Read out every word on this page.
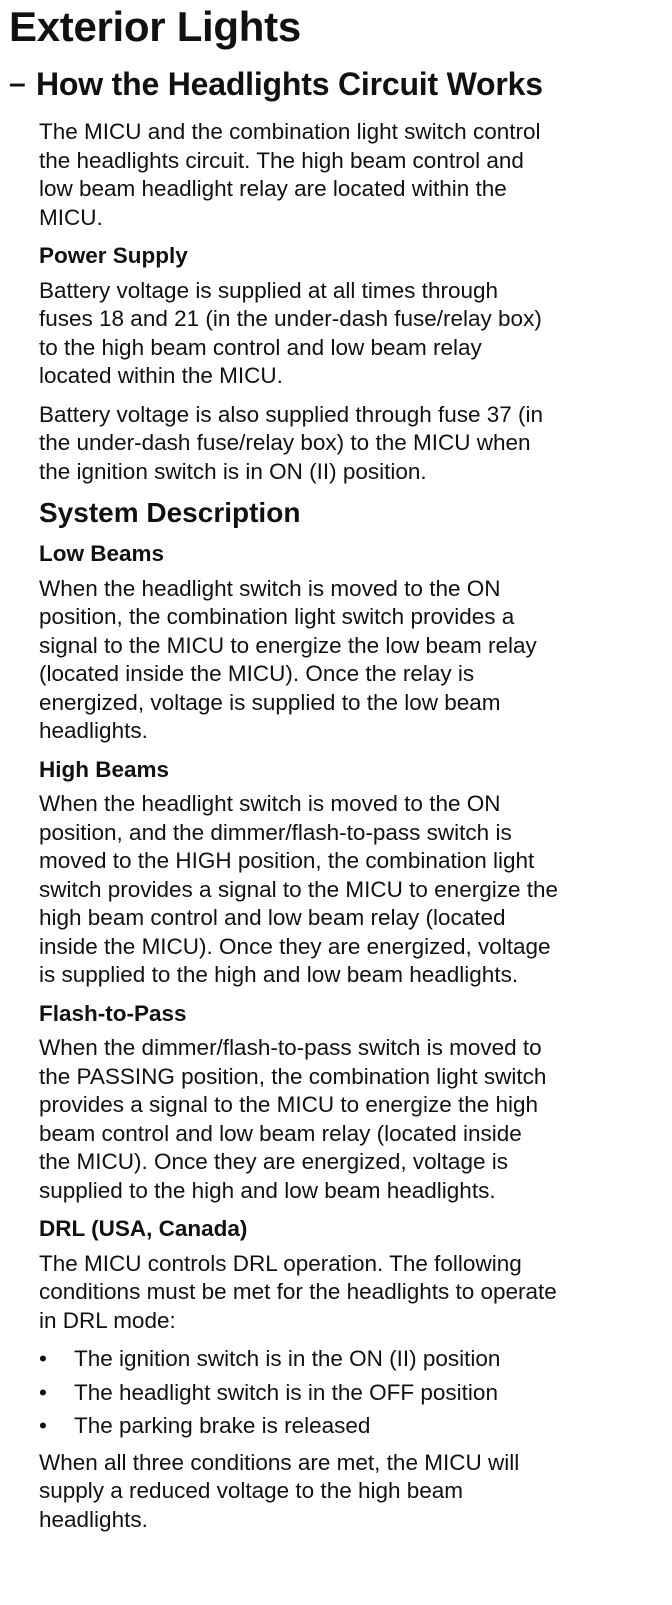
Exterior Lights
– How the Headlights Circuit Works

The MICU and the combination light switch control
the headlights circuit. The high beam control and
low beam headlight relay are located within the
MICU.

Power Supply

Battery voltage is supplied at all times through
fuses 18 and 21 (in the under-dash fuse/relay box)
to the high beam control and low beam relay
located within the MICU.

Battery voltage is also supplied through fuse 37 (in
the under-dash fuse/relay box) to the MICU when
the ignition switch is in ON (II) position.

System Description
Low Beams

When the headlight switch is moved to the ON
position, the combination light switch provides a
signal to the MICU to energize the low beam relay
(located inside the MICU). Once the relay is
energized, voltage is supplied to the low beam
headlights.

High Beams

When the headlight switch is moved to the ON
position, and the dimmer/flash-to-pass switch is
moved to the HIGH position, the combination light
switch provides a signal to the MICU to energize the
high beam control and low beam relay (located
inside the MICU). Once they are energized, voltage
is supplied to the high and low beam headlights.

Flash-to-Pass

When the dimmer/flash-to-pass switch is moved to
the PASSING position, the combination light switch
provides a signal to the MICU to energize the high
beam control and low beam relay (located inside
the MICU). Once they are energized, voltage is
supplied to the high and low beam headlights.

DRL (USA, Canada)

The MICU controls DRL operation. The following
conditions must be met for the headlights to operate
in DRL mode:

• The ignition switch is in the ON (II) position
• The headlight switch is in the OFF position
• The parking brake is released

When all three conditions are met, the MICU will
supply a reduced voltage to the high beam
headlights.
